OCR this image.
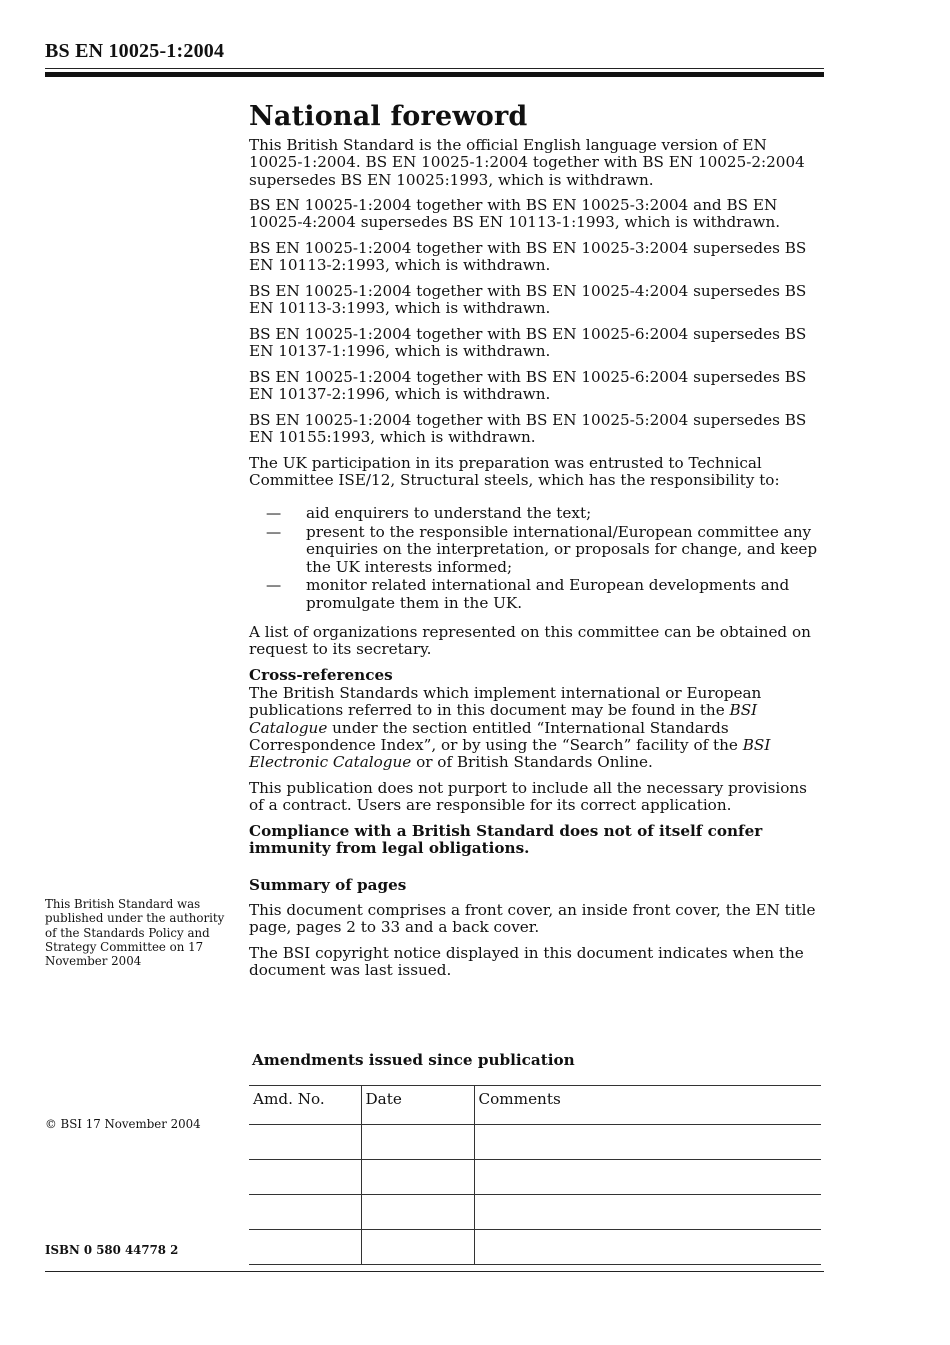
BS EN 10025-1:2004
National foreword

This British Standard is the official English language version of EN 10025-1:2004. BS EN 10025-1:2004 together with BS EN 10025-2:2004 supersedes BS EN 10025:1993, which is withdrawn.

BS EN 10025-1:2004 together with BS EN 10025-3:2004 and BS EN 10025-4:2004 supersedes BS EN 10113-1:1993, which is withdrawn.

BS EN 10025-1:2004 together with BS EN 10025-3:2004 supersedes BS EN 10113-2:1993, which is withdrawn.

BS EN 10025-1:2004 together with BS EN 10025-4:2004 supersedes BS EN 10113-3:1993, which is withdrawn.

BS EN 10025-1:2004 together with BS EN 10025-6:2004 supersedes BS EN 10137-1:1996, which is withdrawn.

BS EN 10025-1:2004 together with BS EN 10025-6:2004 supersedes BS EN 10137-2:1996, which is withdrawn.

BS EN 10025-1:2004 together with BS EN 10025-5:2004 supersedes BS EN 10155:1993, which is withdrawn.

The UK participation in its preparation was entrusted to Technical Committee ISE/12, Structural steels, which has the responsibility to:

— aid enquirers to understand the text;
— present to the responsible international/European committee any enquiries on the interpretation, or proposals for change, and keep the UK interests informed;
— monitor related international and European developments and promulgate them in the UK.

A list of organizations represented on this committee can be obtained on request to its secretary.

Cross-references

The British Standards which implement international or European publications referred to in this document may be found in the BSI Catalogue under the section entitled “International Standards Correspondence Index”, or by using the “Search” facility of the BSI Electronic Catalogue or of British Standards Online.

This publication does not purport to include all the necessary provisions of a contract. Users are responsible for its correct application.

Compliance with a British Standard does not of itself confer immunity from legal obligations.

Summary of pages

This document comprises a front cover, an inside front cover, the EN title page, pages 2 to 33 and a back cover.

The BSI copyright notice displayed in this document indicates when the document was last issued.

This British Standard was published under the authority of the Standards Policy and Strategy Committee on 17 November 2004
© BSI 17 November 2004
ISBN 0 580 44778 2
Amendments issued since publication
Amd. No.	Date	Comments
